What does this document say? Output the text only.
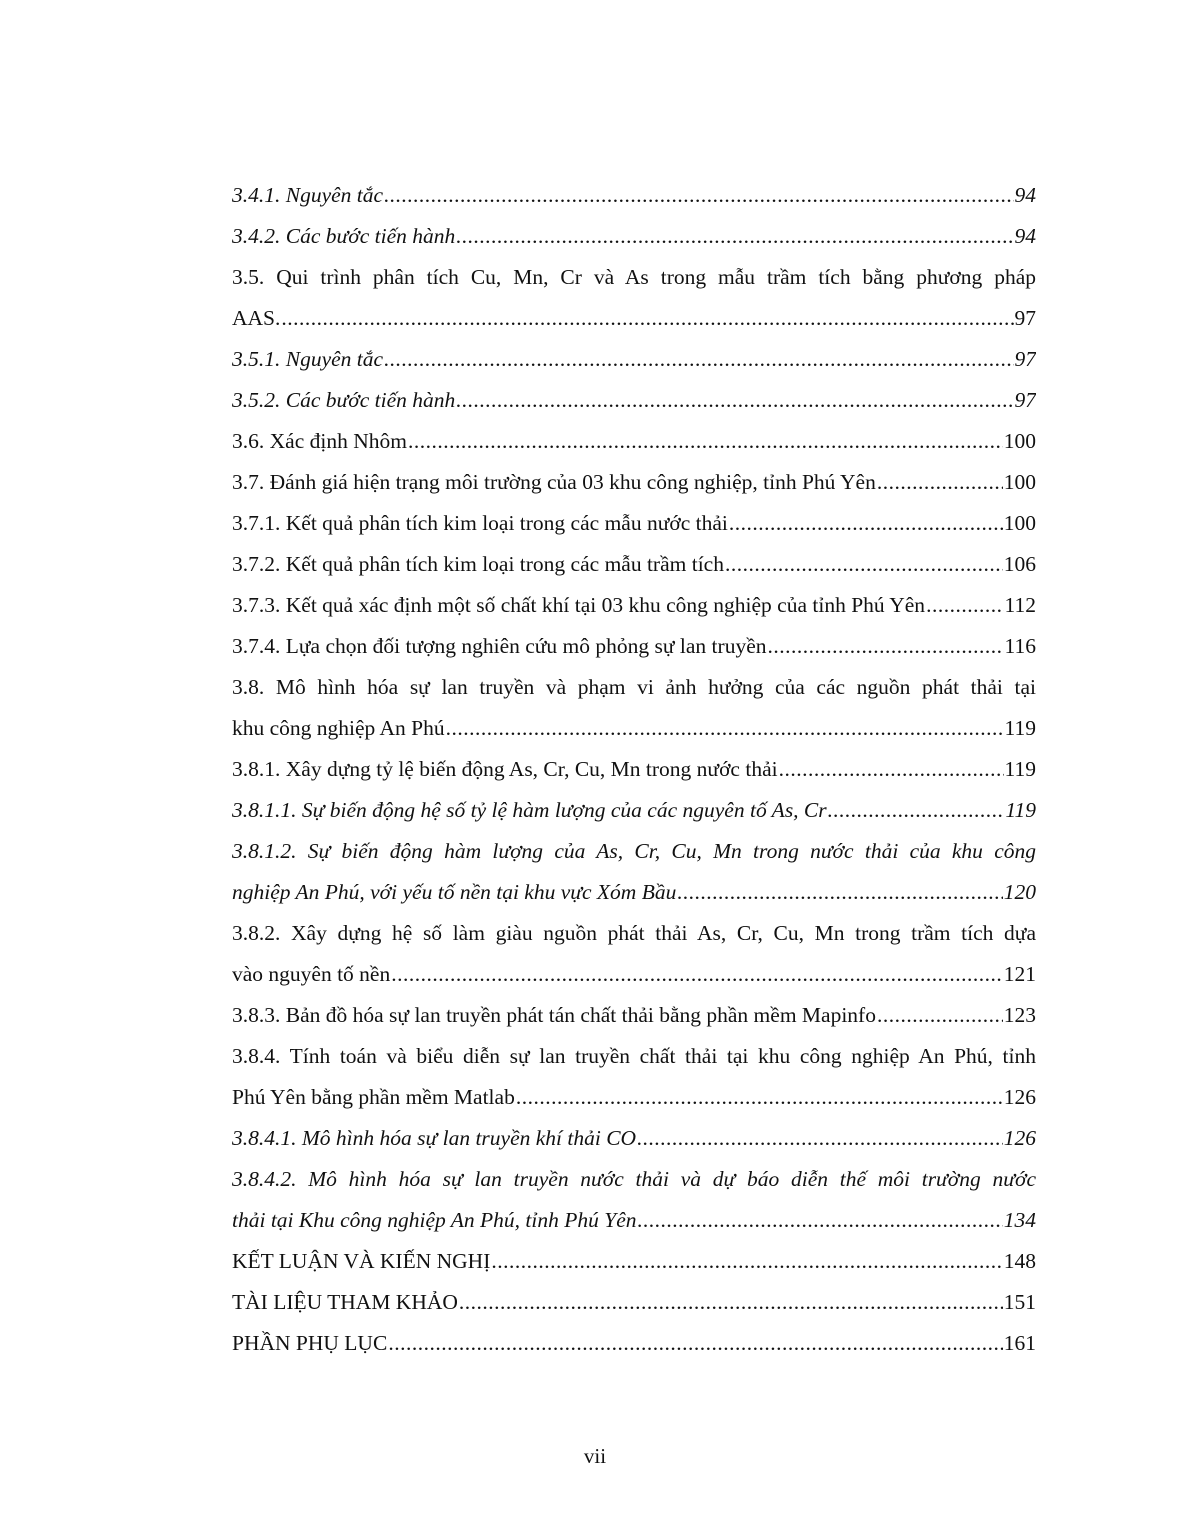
3.4.1. Nguyên tắc .....	94
3.4.2. Các bước tiến hành .....	94
3.5. Qui trình phân tích Cu, Mn, Cr và As trong mẫu trầm tích bằng phương pháp
AAS. .....	97
3.5.1. Nguyên tắc .....	97
3.5.2. Các bước tiến hành .....	97
3.6. Xác định Nhôm .....	100
3.7. Đánh giá hiện trạng môi trường của 03 khu công nghiệp, tỉnh Phú Yên .....	100
3.7.1. Kết quả phân tích kim loại trong các mẫu nước thải .....	100
3.7.2. Kết quả phân tích kim loại trong các mẫu trầm tích .....	106
3.7.3. Kết quả xác định một số chất khí tại 03 khu công nghiệp của tỉnh Phú Yên .....	112
3.7.4. Lựa chọn đối tượng nghiên cứu mô phỏng sự lan truyền .....	116
3.8. Mô hình hóa sự lan truyền và phạm vi ảnh hưởng của các nguồn phát thải tại
khu công nghiệp An Phú .....	119
3.8.1. Xây dựng tỷ lệ biến động As, Cr, Cu, Mn trong nước thải .....	119
3.8.1.1. Sự biến động hệ số tỷ lệ hàm lượng của các nguyên tố As, Cr .....	119
3.8.1.2. Sự biến động hàm lượng của As, Cr, Cu, Mn trong nước thải của khu công
nghiệp An Phú, với yếu tố nền tại khu vực Xóm Bầu .....	120
3.8.2. Xây dựng hệ số làm giàu nguồn phát thải As, Cr, Cu, Mn trong trầm tích dựa
vào nguyên tố nền .....	121
3.8.3. Bản đồ hóa sự lan truyền phát tán chất thải bằng phần mềm Mapinfo .....	123
3.8.4. Tính toán và biểu diễn sự lan truyền chất thải tại khu công nghiệp An Phú, tỉnh
Phú Yên bằng phần mềm Matlab .....	126
3.8.4.1. Mô hình hóa sự lan truyền khí thải CO .....	126
3.8.4.2. Mô hình hóa sự lan truyền nước thải và dự báo diễn thế môi trường nước
thải tại Khu công nghiệp An Phú, tỉnh Phú Yên .....	134
KẾT LUẬN VÀ KIẾN NGHỊ .....	148
TÀI LIỆU THAM KHẢO .....	151
PHẦN PHỤ LỤC .....	161
vii
